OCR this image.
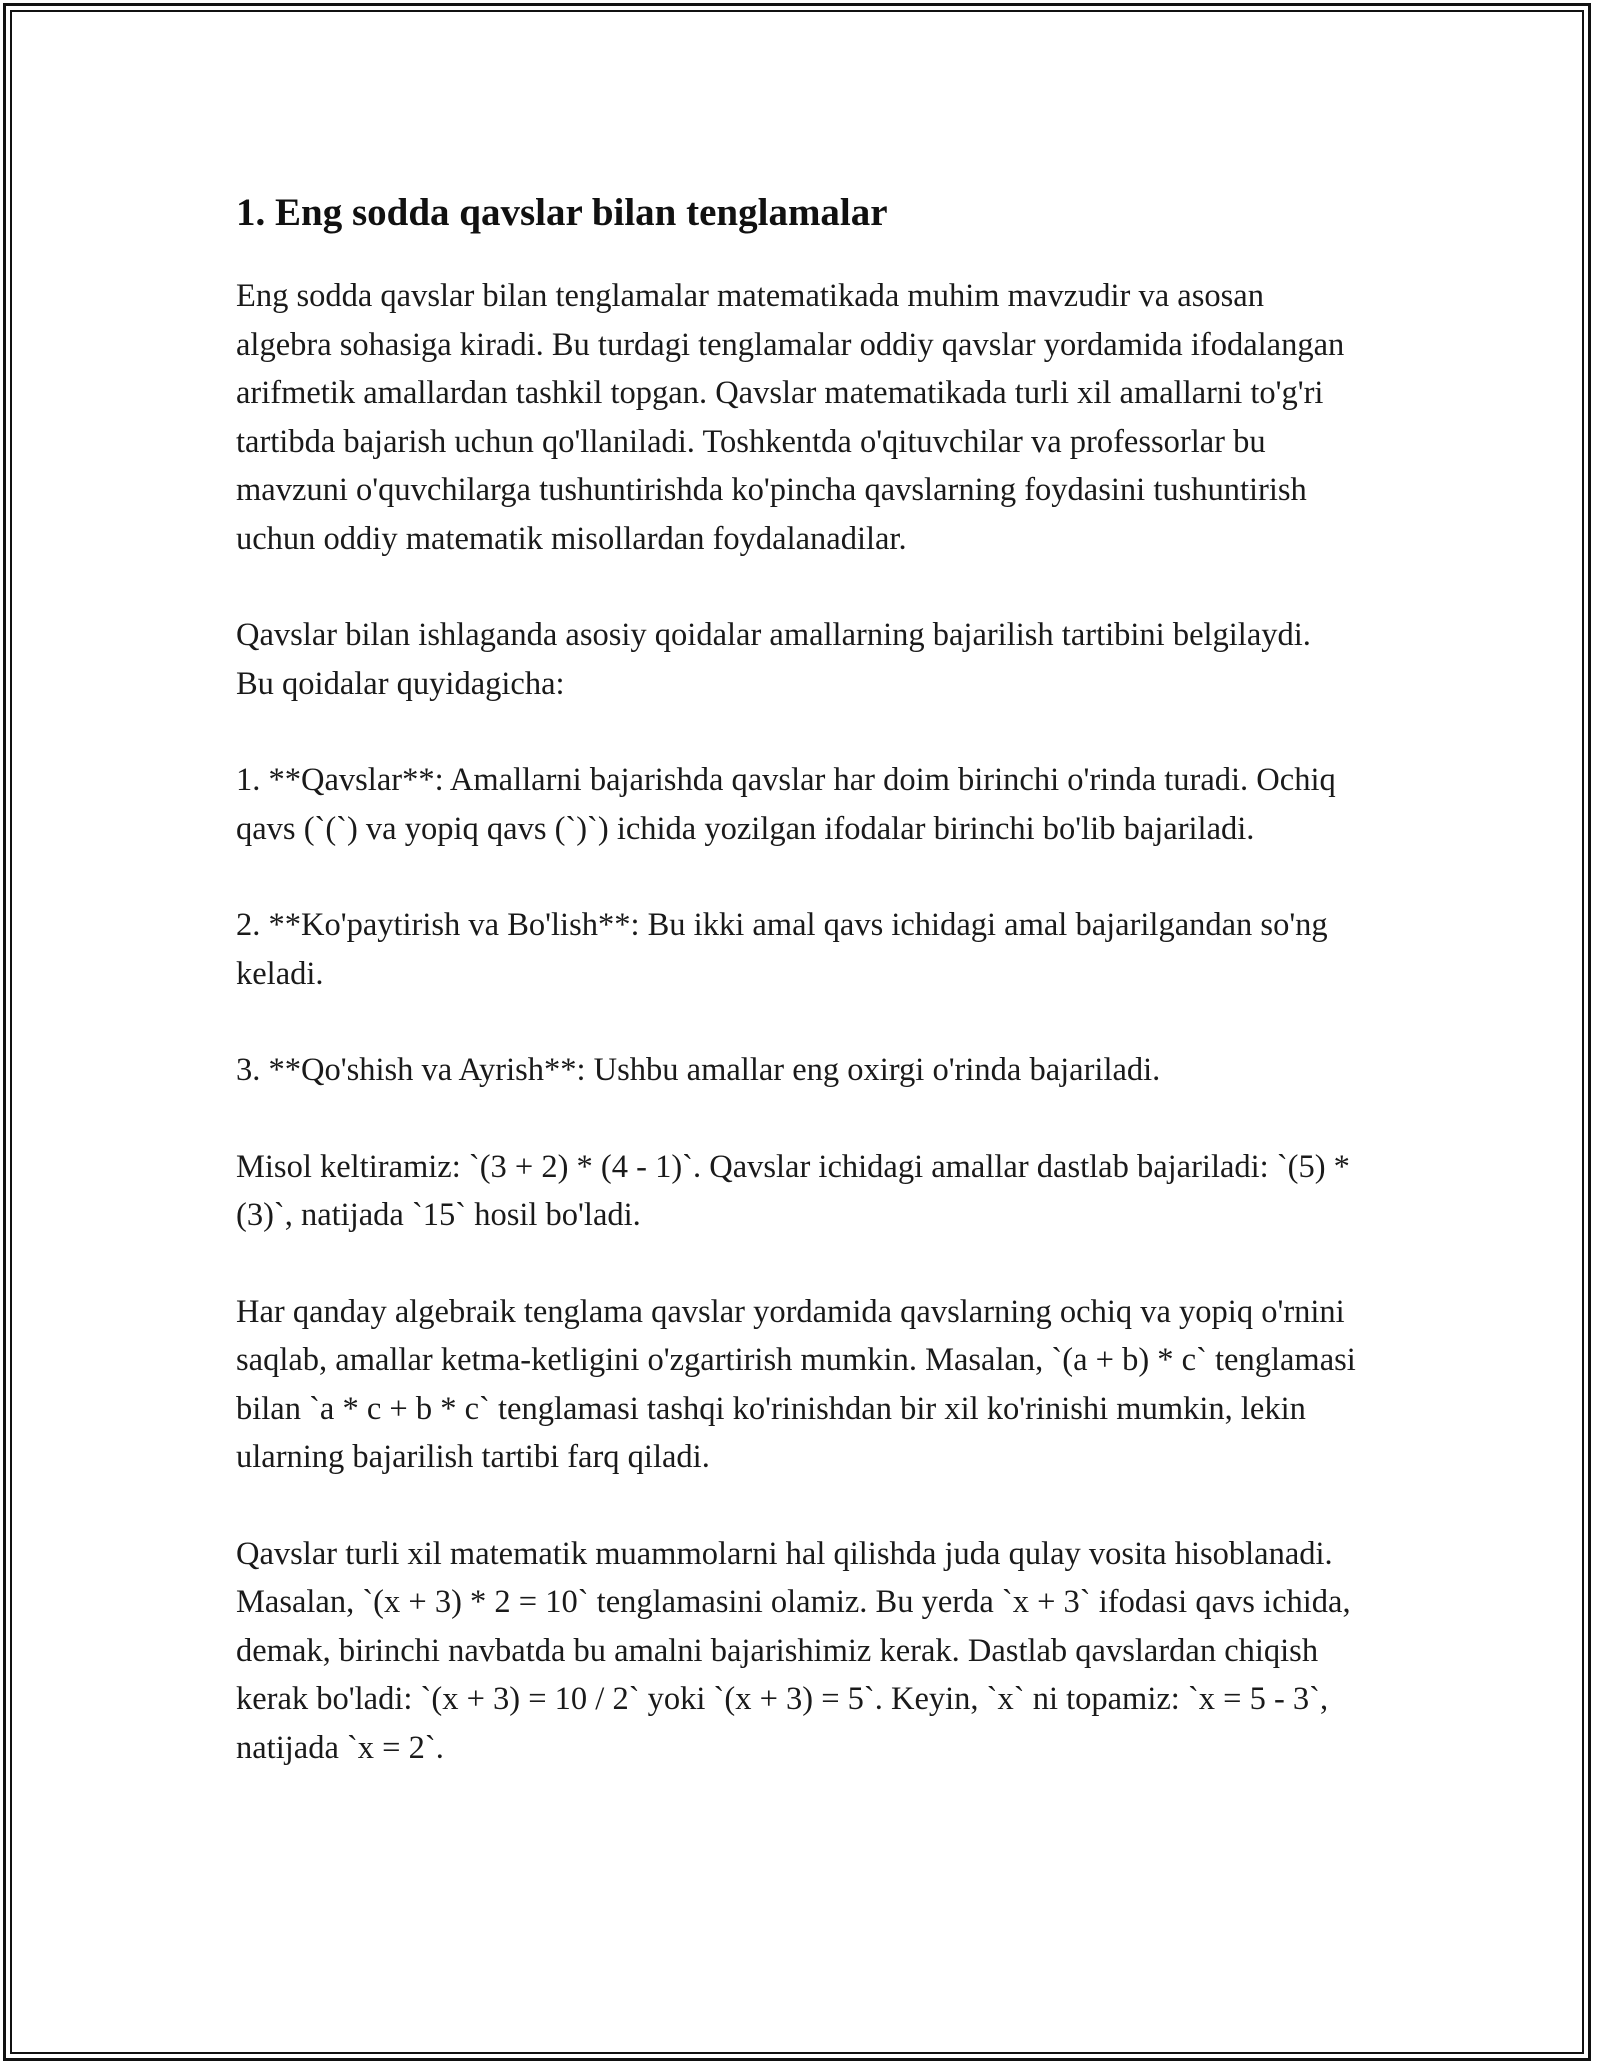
1. Eng sodda qavslar bilan tenglamalar

Eng sodda qavslar bilan tenglamalar matematikada muhim mavzudir va asosan algebra sohasiga kiradi. Bu turdagi tenglamalar oddiy qavslar yordamida ifodalangan arifmetik amallardan tashkil topgan. Qavslar matematikada turli xil amallarni to'g'ri tartibda bajarish uchun qo'llaniladi. Toshkentda o'qituvchilar va professorlar bu mavzuni o'quvchilarga tushuntirishda ko'pincha qavslarning foydasini tushuntirish uchun oddiy matematik misollardan foydalanadilar.

Qavslar bilan ishlaganda asosiy qoidalar amallarning bajarilish tartibini belgilaydi. Bu qoidalar quyidagicha:

1. **Qavslar**: Amallarni bajarishda qavslar har doim birinchi o'rinda turadi. Ochiq qavs (`(`) va yopiq qavs (`)`) ichida yozilgan ifodalar birinchi bo'lib bajariladi.

2. **Ko'paytirish va Bo'lish**: Bu ikki amal qavs ichidagi amal bajarilgandan so'ng keladi.

3. **Qo'shish va Ayrish**: Ushbu amallar eng oxirgi o'rinda bajariladi.

Misol keltiramiz: `(3 + 2) * (4 - 1)`. Qavslar ichidagi amallar dastlab bajariladi: `(5) * (3)`, natijada `15` hosil bo'ladi.

Har qanday algebraik tenglama qavslar yordamida qavslarning ochiq va yopiq o'rnini saqlab, amallar ketma-ketligini o'zgartirish mumkin. Masalan, `(a + b) * c` tenglamasi bilan `a * c + b * c` tenglamasi tashqi ko'rinishdan bir xil ko'rinishi mumkin, lekin ularning bajarilish tartibi farq qiladi.

Qavslar turli xil matematik muammolarni hal qilishda juda qulay vosita hisoblanadi. Masalan, `(x + 3) * 2 = 10` tenglamasini olamiz. Bu yerda `x + 3` ifodasi qavs ichida, demak, birinchi navbatda bu amalni bajarishimiz kerak. Dastlab qavslardan chiqish kerak bo'ladi: `(x + 3) = 10 / 2` yoki `(x + 3) = 5`. Keyin, `x` ni topamiz: `x = 5 - 3`, natijada `x = 2`.
